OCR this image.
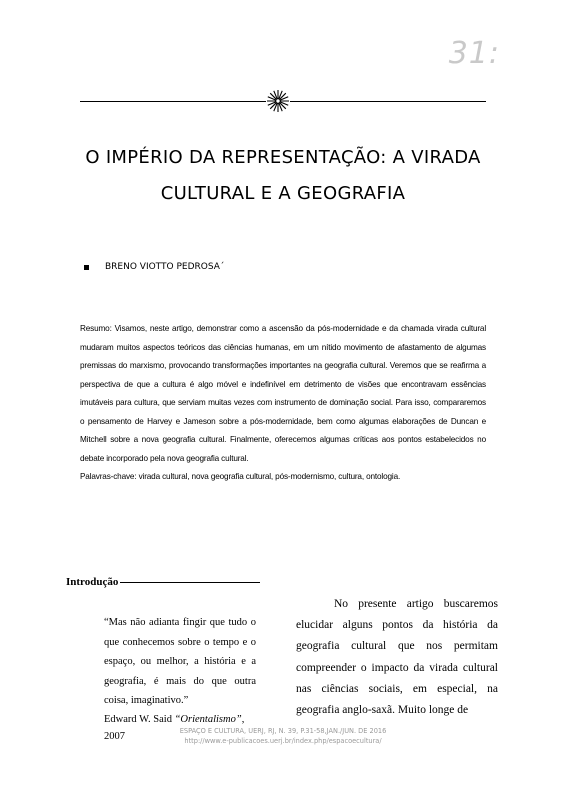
31:
O IMPÉRIO DA REPRESENTAÇÃO: A VIRADA
CULTURAL E A GEOGRAFIA
BRENO VIOTTO PEDROSA´

Resumo: Visamos, neste artigo, demonstrar como a ascensão da pós-modernidade e da chamada virada cultural mudaram muitos aspectos teóricos das ciências humanas, em um nítido movimento de afastamento de algumas premissas do marxismo, provocando transformações importantes na geografia cultural. Veremos que se reafirma a perspectiva de que a cultura é algo móvel e indefinível em detrimento de visões que encontravam essências imutáveis para cultura, que serviam muitas vezes com instrumento de dominação social. Para isso, compararemos o pensamento de Harvey e Jameson sobre a pós-modernidade, bem como algumas elaborações de Duncan e Mitchell sobre a nova geografia cultural. Finalmente, oferecemos algumas críticas aos pontos estabelecidos no debate incorporado pela nova geografia cultural.

Palavras-chave: virada cultural, nova geografia cultural, pós-modernismo, cultura, ontologia.

Introdução

“Mas não adianta fingir que tudo o que conhecemos sobre o tempo e o espaço, ou melhor, a história e a geografia, é mais do que outra coisa, imaginativo.”

Edward W. Said “Orientalismo”, 2007

No presente artigo buscaremos elucidar alguns pontos da história da geografia cultural que nos permitam compreender o impacto da virada cultural nas ciências sociais, em especial, na geografia anglo-saxã. Muito longe de
ESPAÇO E CULTURA, UERJ, RJ, N. 39, P.31-58,JAN./JUN. DE 2016
http://www.e-publicacoes.uerj.br/index.php/espacoecultura/
